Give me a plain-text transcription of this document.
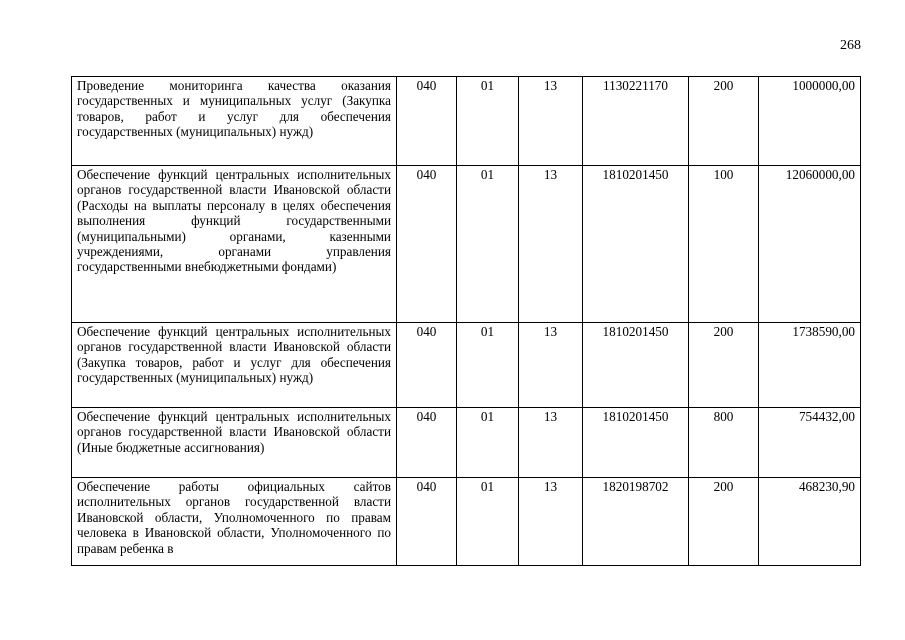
268
Проведение мониторинга качества оказания государственных и муниципальных услуг (Закупка товаров, работ и услуг для обеспечения государственных (муниципальных) нужд)	040	01	13	1130221170	200	1000000,00
Обеспечение функций центральных исполнительных органов государственной власти Ивановской области (Расходы на выплаты персоналу в целях обеспечения выполнения функций государственными (муниципальными) органами, казенными учреждениями, органами управления государственными внебюджетными фондами)	040	01	13	1810201450	100	12060000,00
Обеспечение функций центральных исполнительных органов государственной власти Ивановской области (Закупка товаров, работ и услуг для обеспечения государственных (муниципальных) нужд)	040	01	13	1810201450	200	1738590,00
Обеспечение функций центральных исполнительных органов государственной власти Ивановской области (Иные бюджетные ассигнования)	040	01	13	1810201450	800	754432,00
Обеспечение работы официальных сайтов исполнительных органов государственной власти Ивановской области, Уполномоченного по правам человека в Ивановской области, Уполномоченного по правам ребенка в	040	01	13	1820198702	200	468230,90
